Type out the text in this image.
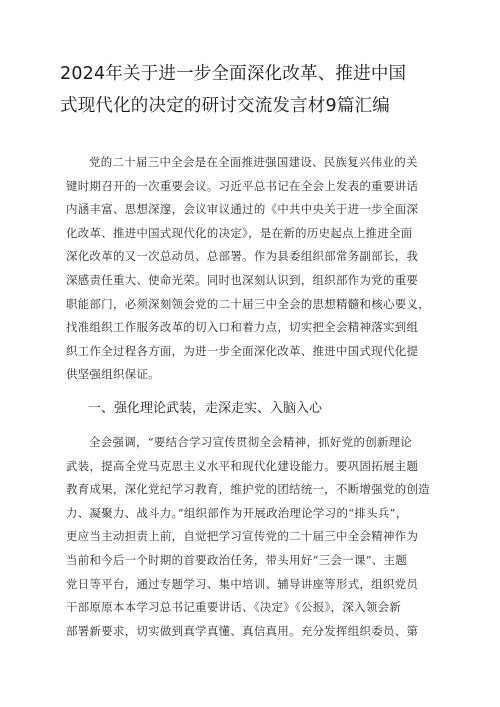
2024年关于进一步全面深化改革、推进中国
式现代化的决定的研讨交流发言材9篇汇编
党的二十届三中全会是在全面推进强国建设、民族复兴伟业的关
键时期召开的一次重要会议。习近平总书记在全会上发表的重要讲话
内涵丰富、思想深邃，会议审议通过的《中共中央关于进一步全面深
化改革、推进中国式现代化的决定》，是在新的历史起点上推进全面
深化改革的又一次总动员、总部署。作为县委组织部常务副部长，我
深感责任重大、使命光荣。同时也深刻认识到，组织部作为党的重要
职能部门，必须深刻领会党的二十届三中全会的思想精髓和核心要义，
找准组织工作服务改革的切入口和着力点，切实把全会精神落实到组
织工作全过程各方面，为进一步全面深化改革、推进中国式现代化提
供坚强组织保证。
一、强化理论武装，走深走实、入脑入心
全会强调，“要结合学习宣传贯彻全会精神，抓好党的创新理论
武装，提高全党马克思主义水平和现代化建设能力。要巩固拓展主题
教育成果，深化党纪学习教育，维护党的团结统一，不断增强党的创造
力、凝聚力、战斗力。”组织部作为开展政治理论学习的“排头兵”，
更应当主动担责上前，自觉把学习宣传党的二十届三中全会精神作为
当前和今后一个时期的首要政治任务，带头用好“三会一课”、主题
党日等平台，通过专题学习、集中培训、辅导讲座等形式，组织党员
干部原原本本学习总书记重要讲话、《决定》《公报》，深入领会新
部署新要求，切实做到真学真懂、真信真用。充分发挥组织委员、第
